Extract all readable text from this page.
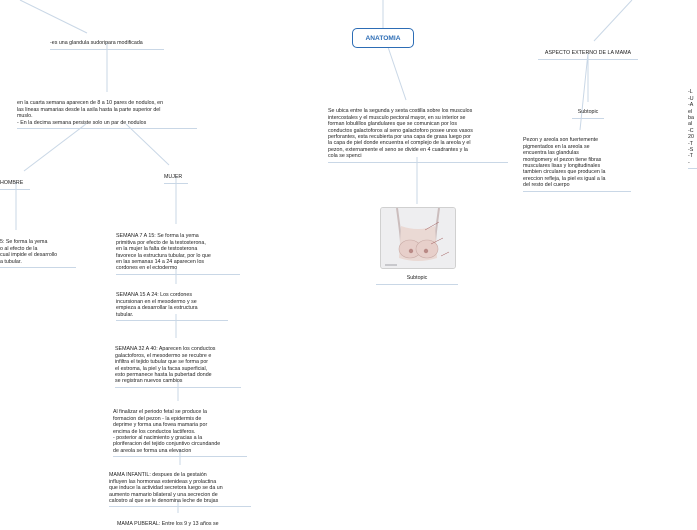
ANATOMIA

-es una glandula sudoripara modificada

en la cuarta semana aparecen de 8 a 10 pares de nodulos, en
las lineas mamarias desde la axila hasta la parte superior del
muslo.
- En la decima semana persiste solo un par de nodulos

HOMBRE

5: Se forma la yema
o al efecto de la
cual impide el desarrollo
a tubular.

MUJER

SEMANA 7 A 15: Se forma la yema
primitiva por efecto de la testosterona,
en la mujer la falta de testosterona
favorece la estructura tubular, por lo que
en las semanas 14 a 24 aparecen los
cordones en el ectodermo

SEMANA 15 A 24: Los cordones
incursionan en el mesodermo y se
empieza a desarrollar la estructura
tubular.

SEMANA 32 A 40: Aparecen los conductos
galactoforos, el mesodermo se recubre e
infiltra el tejido tubular que se forma por
el estroma, la piel y la facsa superficial,
esto permanece hasta la pubertad donde
se registran nuevos cambios

Al finalizar el periodo fetal se produce la
formacion del pezon - la epidermis de
deprime y forma una fovea mamaria por
encima de los conductos lactiferos.
- posterior al nacimiento y gracias a la
ploriferacion del tejido conjuntivo circundande
de areola se forma una elevacion

MAMA INFANTIL: despues de la gestaión
influyen las hormonas estenideas y prolactina
que induce la actividad secretora luego se da un
aumento mamario bilateral y una secrecion de
calostro al que se le denomina leche de brujas

MAMA PUBERAL: Entre los 9 y 13 años se

Se ubica entre la segunda y sexta costilla sobre los musculos
intercostales y el musculo pectoral mayor, en su interior se
forman lobulillos glandulares que se comunican por los
conductos galactoforos al seno galactoforo posee unos vasos
perforantes, esta recubierta por una capa de grasa luego por
la capa de piel donde encuentra el complejo de la areola y el
pezon, externamente el seno se divide en 4 cuadrantes y la
cola se spenci

Subtopic

ASPECTO EXTERNO DE LA MAMA

Subtopic

Pezon y areola son fuertemente
pigmentados en la areola se
encuentra las glandulas
montgomery el pezon tiene fibras
musculares lisas y longitudinales
tambien circulares que producen la
ereccion refleja, la piel es igual a la
del resto del cuerpo

-L
-U
-A
el
ba
al
-C
20
-T
-S
-T
-
